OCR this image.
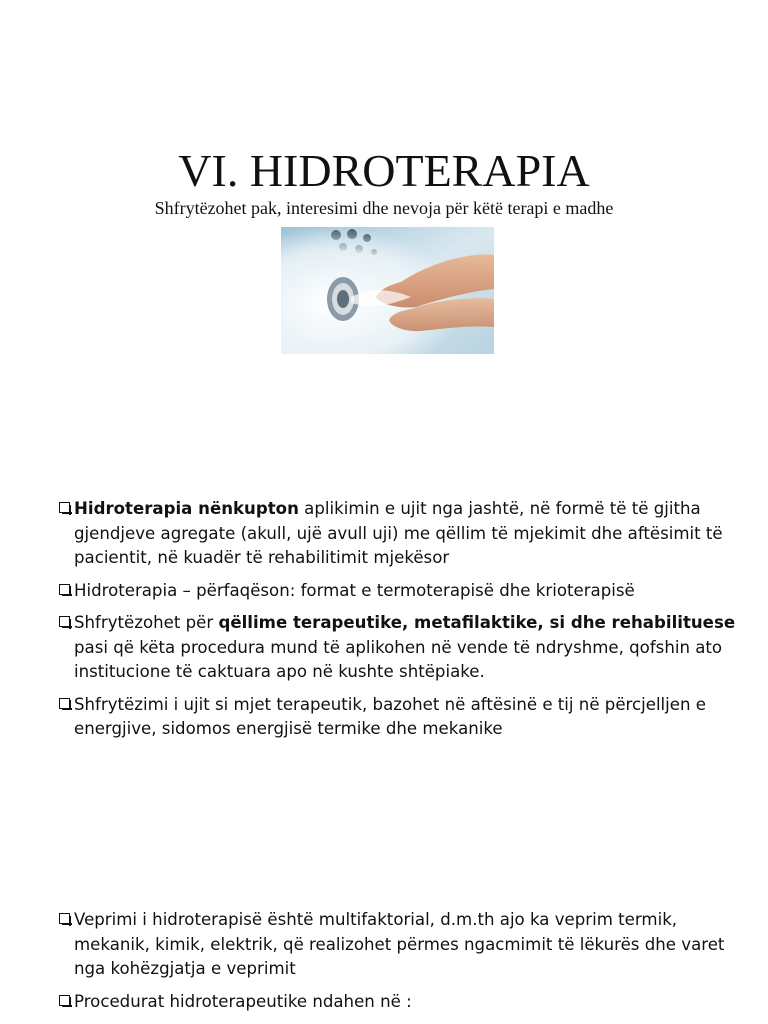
VI. HIDROTERAPIA
Shfrytëzohet pak, interesimi dhe nevoja për këtë terapi e madhe
Hidroterapia nënkupton aplikimin e ujit nga jashtë, në formë të të gjitha gjendjeve agregate (akull, ujë avull uji) me qëllim të mjekimit dhe aftësimit të pacientit, në kuadër të rehabilitimit mjekësor
Hidroterapia – përfaqëson: format e termoterapisë dhe krioterapisë
Shfrytëzohet për qëllime terapeutike, metafilaktike, si dhe rehabilituese pasi që këta procedura mund të aplikohen në vende të ndryshme, qofshin ato institucione të caktuara apo në kushte shtëpiake.
Shfrytëzimi i ujit si mjet terapeutik, bazohet në aftësinë e tij në përcjelljen e energjive, sidomos energjisë termike dhe mekanike
Veprimi i hidroterapisë është multifaktorial, d.m.th ajo ka veprim termik, mekanik, kimik, elektrik, që realizohet përmes ngacmimit të lëkurës dhe varet nga kohëzgjatja e veprimit
Procedurat hidroterapeutike ndahen në :
